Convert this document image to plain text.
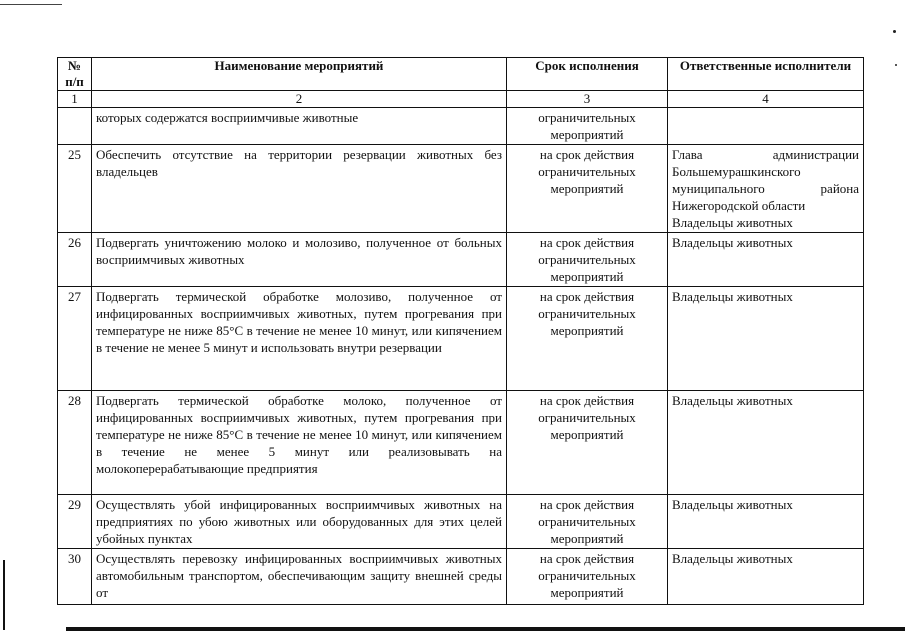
№ п/п	Наименование мероприятий	Срок исполнения	Ответственные исполнители
1	2	3	4
	которых содержатся восприимчивые животные	ограничительных мероприятий	
25	Обеспечить отсутствие на территории резервации животных без владельцев	на срок действия ограничительных мероприятий	Глава администрации
Большемурашкинского
муниципального района
Нижегородской области
Владельцы животных

26	Подвергать уничтожению молоко и молозиво, полученное от больных восприимчивых животных	на срок действия ограничительных мероприятий	Владельцы животных
27	Подвергать термической обработке молозиво, полученное от инфицированных восприимчивых животных, путем прогревания при температуре не ниже 85°С в течение не менее 10 минут, или кипячением в течение не менее 5 минут и использовать внутри резервации	на срок действия ограничительных мероприятий	Владельцы животных
28	Подвергать термической обработке молоко, полученное от инфицированных восприимчивых животных, путем прогревания при температуре не ниже 85°С в течение не менее 10 минут, или кипячением в течение не менее 5 минут или реализовывать на молокоперерабатывающие предприятия	на срок действия ограничительных мероприятий	Владельцы животных
29	Осуществлять убой инфицированных восприимчивых животных на предприятиях по убою животных или оборудованных для этих целей убойных пунктах	на срок действия ограничительных мероприятий	Владельцы животных
30	Осуществлять перевозку инфицированных восприимчивых животных автомобильным транспортом, обеспечивающим защиту внешней среды от	на срок действия ограничительных мероприятий	Владельцы животных
